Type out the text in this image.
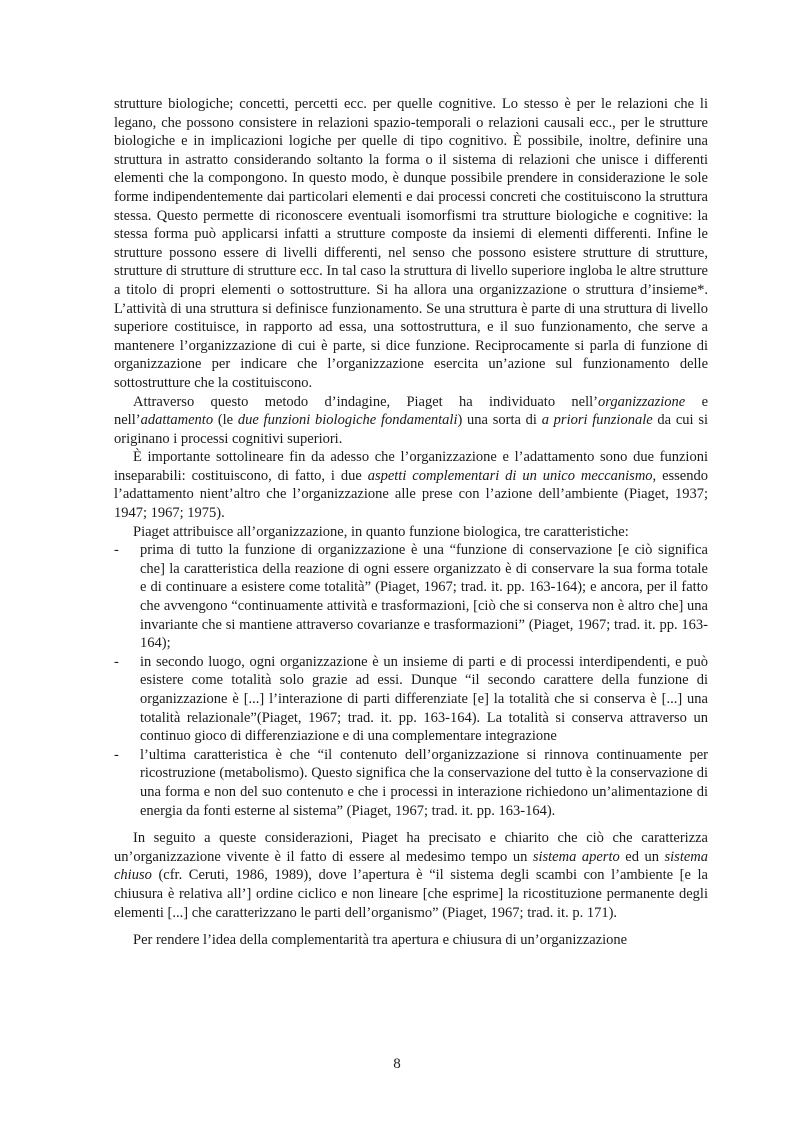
strutture biologiche; concetti, percetti ecc. per quelle cognitive. Lo stesso è per le relazioni che li legano, che possono consistere in relazioni spazio-temporali o relazioni causali ecc., per le strutture biologiche e in implicazioni logiche per quelle di tipo cognitivo. È possibile, inoltre, definire una struttura in astratto considerando soltanto la forma o il sistema di relazioni che unisce i differenti elementi che la compongono. In questo modo, è dunque possibile prendere in considerazione le sole forme indipendentemente dai particolari elementi e dai processi concreti che costituiscono la struttura stessa. Questo permette di riconoscere eventuali isomorfismi tra strutture biologiche e cognitive: la stessa forma può applicarsi infatti a strutture composte da insiemi di elementi differenti. Infine le strutture possono essere di livelli differenti, nel senso che possono esistere strutture di strutture, strutture di strutture di strutture ecc. In tal caso la struttura di livello superiore ingloba le altre strutture a titolo di propri elementi o sottostrutture. Si ha allora una organizzazione o struttura d’insieme*. L’attività di una struttura si definisce funzionamento. Se una struttura è parte di una struttura di livello superiore costituisce, in rapporto ad essa, una sottostruttura, e il suo funzionamento, che serve a mantenere l’organizzazione di cui è parte, si dice funzione. Reciprocamente si parla di funzione di organizzazione per indicare che l’organizzazione esercita un’azione sul funzionamento delle sottostrutture che la costituiscono.

Attraverso questo metodo d’indagine, Piaget ha individuato nell’organizzazione e nell’adattamento (le due funzioni biologiche fondamentali) una sorta di a priori funzionale da cui si originano i processi cognitivi superiori.

È importante sottolineare fin da adesso che l’organizzazione e l’adattamento sono due funzioni inseparabili: costituiscono, di fatto, i due aspetti complementari di un unico meccanismo, essendo l’adattamento nient’altro che l’organizzazione alle prese con l’azione dell’ambiente (Piaget, 1937; 1947; 1967; 1975).

Piaget attribuisce all’organizzazione, in quanto funzione biologica, tre caratteristiche:

- prima di tutto la funzione di organizzazione è una “funzione di conservazione [e ciò significa che] la caratteristica della reazione di ogni essere organizzato è di conservare la sua forma totale e di continuare a esistere come totalità” (Piaget, 1967; trad. it. pp. 163-164); e ancora, per il fatto che avvengono “continuamente attività e trasformazioni, [ciò che si conserva non è altro che] una invariante che si mantiene attraverso covarianze e trasformazioni” (Piaget, 1967; trad. it. pp. 163-164);
- in secondo luogo, ogni organizzazione è un insieme di parti e di processi interdipendenti, e può esistere come totalità solo grazie ad essi. Dunque “il secondo carattere della funzione di organizzazione è [...] l’interazione di parti differenziate [e] la totalità che si conserva è [...] una totalità relazionale”(Piaget, 1967; trad. it. pp. 163-164). La totalità si conserva attraverso un continuo gioco di differenziazione e di una complementare integrazione
- l’ultima caratteristica è che “il contenuto dell’organizzazione si rinnova continuamente per ricostruzione (metabolismo). Questo significa che la conservazione del tutto è la conservazione di una forma e non del suo contenuto e che i processi in interazione richiedono un’alimentazione di energia da fonti esterne al sistema” (Piaget, 1967; trad. it. pp. 163-164).

In seguito a queste considerazioni, Piaget ha precisato e chiarito che ciò che caratterizza un’organizzazione vivente è il fatto di essere al medesimo tempo un sistema aperto ed un sistema chiuso (cfr. Ceruti, 1986, 1989), dove l’apertura è “il sistema degli scambi con l’ambiente [e la chiusura è relativa all’] ordine ciclico e non lineare [che esprime] la ricostituzione permanente degli elementi [...] che caratterizzano le parti dell’organismo” (Piaget, 1967; trad. it. p. 171).

Per rendere l’idea della complementarità tra apertura e chiusura di un’organizzazione

8
